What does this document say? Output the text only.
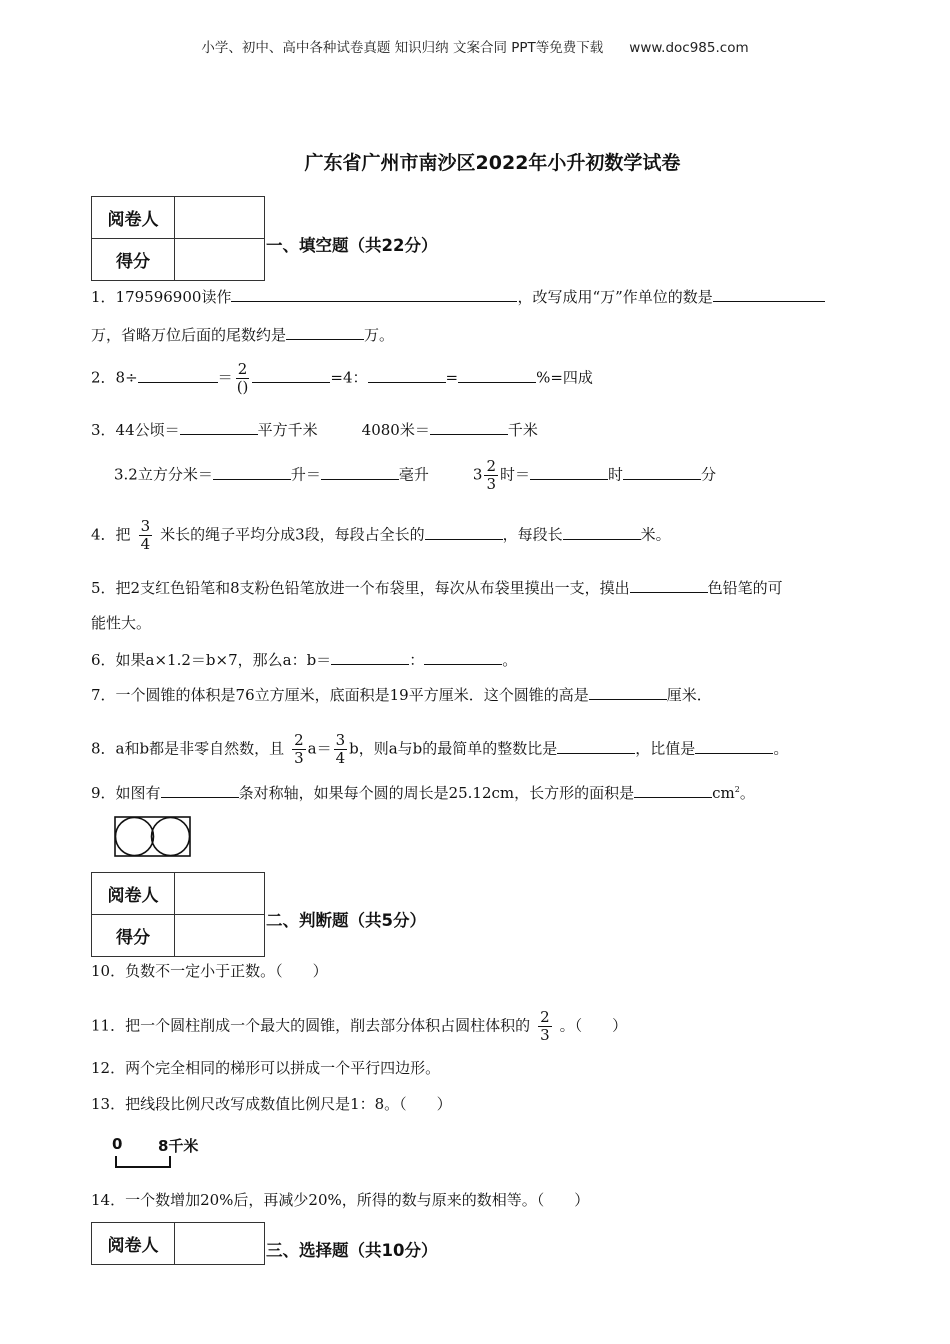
小学、初中、高中各种试卷真题 知识归纳 文案合同 PPT等免费下载 www.doc985.com
广东省广州市南沙区2022年小升初数学试卷
阅卷人	
得分	
一、填空题（共22分）
1．179596900读作	，改写成用“万”作单位的数是
万，省略万位后面的尾数约是	万。
2．8÷	＝ $\frac{2}{()}$	=4：	=	%=四成
3．44公顷＝	平方千米	4080米＝	千米
3.2立方分米＝	升＝	毫升	$3 \frac{2}{3}$ 时＝	时	分
4．把 $\frac{3}{4}$ 米长的绳子平均分成3段，每段占全长的	，每段长	米。
5．把2支红色铅笔和8支粉色铅笔放进一个布袋里，每次从布袋里摸出一支，摸出	色铅笔的可
能性大。
6．如果a×1.2＝b×7，那么a：b＝	：	。
7．一个圆锥的体积是76立方厘米，底面积是19平方厘米．这个圆锥的高是	厘米．
8．a和b都是非零自然数，且 $\frac{2}{3} a= \frac{3}{4}$ b，则a与b的最简单的整数比是	，比值是	。
9．如图有	条对称轴，如果每个圆的周长是25.12cm，长方形的面积是	$cm^2$。
阅卷人	
得分	
二、判断题（共5分）
10．负数不一定小于正数。（　　）
11．把一个圆柱削成一个最大的圆锥，削去部分体积占圆柱体积的 $\frac{2}{3}$ 。（　　）
12．两个完全相同的梯形可以拼成一个平行四边形。
13．把线段比例尺改写成数值比例尺是1：8。（　　）
0 8千米
14．一个数增加20%后，再减少20%，所得的数与原来的数相等。（　　）
阅卷人		三、选择题（共10分）
